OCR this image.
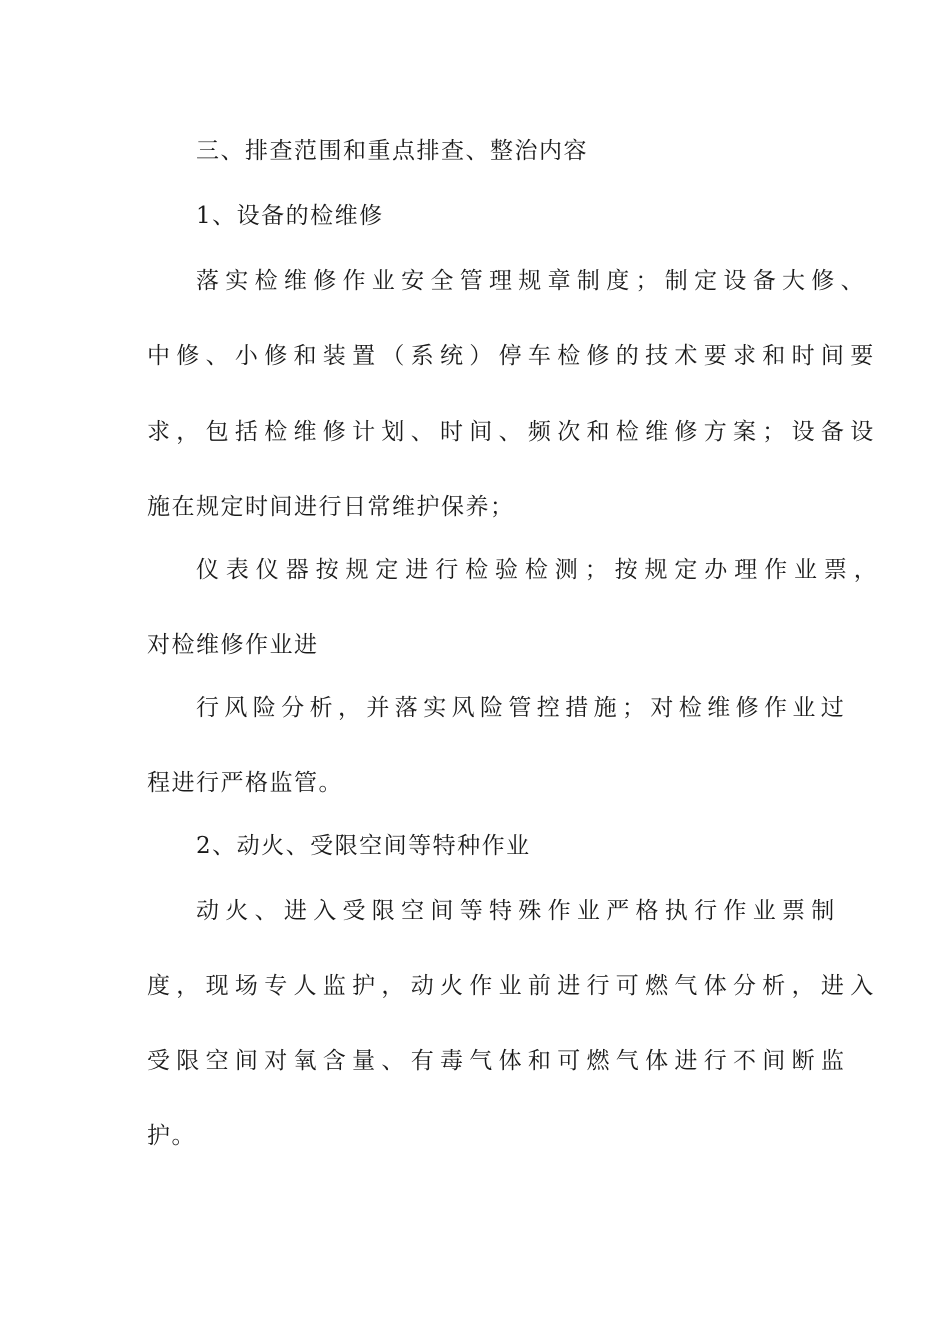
三、排查范围和重点排查、整治内容
1、设备的检维修
落实检维修作业安全管理规章制度；制定设备大修、
中修、小修和装置（系统）停车检修的技术要求和时间要
求，包括检维修计划、时间、频次和检维修方案；设备设
施在规定时间进行日常维护保养；
仪表仪器按规定进行检验检测；按规定办理作业票，
对检维修作业进
行风险分析，并落实风险管控措施；对检维修作业过
程进行严格监管。
2、动火、受限空间等特种作业
动火、进入受限空间等特殊作业严格执行作业票制
度，现场专人监护，动火作业前进行可燃气体分析，进入
受限空间对氧含量、有毒气体和可燃气体进行不间断监
护。
